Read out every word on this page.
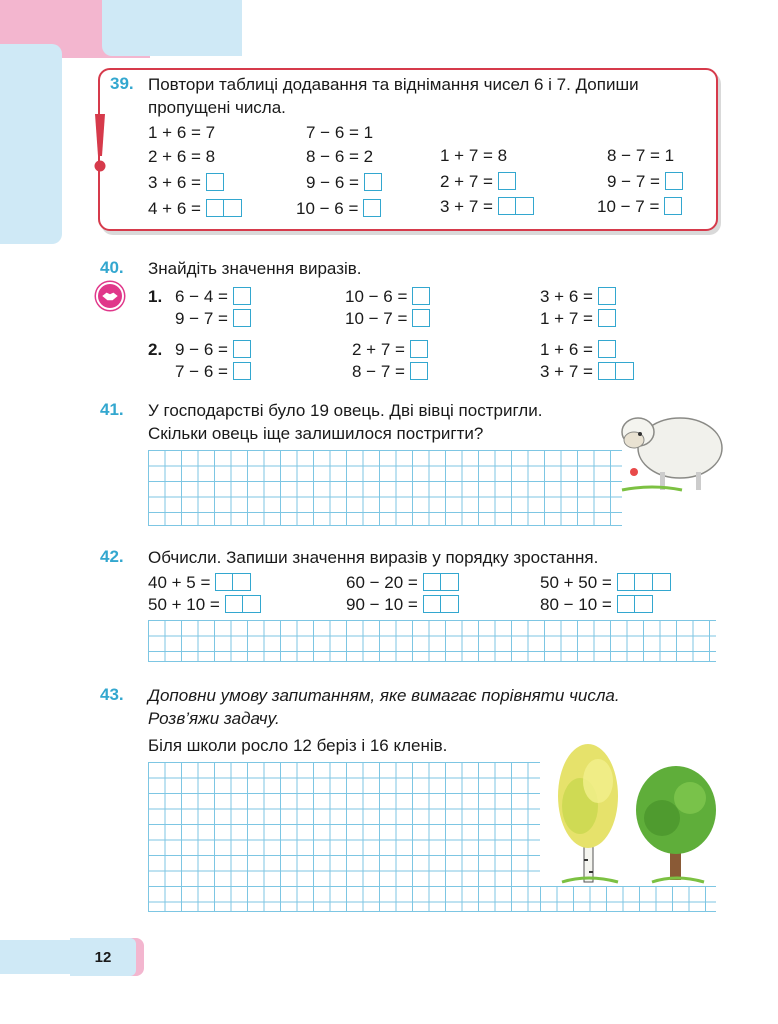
39. Повтори таблиці додавання та віднімання чисел 6 і 7. Допиши
пропущені числа.
1 + 6 = 7
2 + 6 = 8
3 + 6 =
4 + 6 =
7 − 6 = 1
8 − 6 = 2
9 − 6 =
10 − 6 =
1 + 7 = 8
2 + 7 =
3 + 7 =
8 − 7 = 1
9 − 7 =
10 − 7 =
40. Знайдіть значення виразів.
1. 6 − 4 =
9 − 7 =
10 − 6 =
10 − 7 =
3 + 6 =
1 + 7 =
2. 9 − 6 =
7 − 6 =
2 + 7 =
8 − 7 =
1 + 6 =
3 + 7 =
41. У господарстві було 19 овець. Дві вівці постригли.
Скільки овець іще залишилося постригти?
42. Обчисли. Запиши значення виразів у порядку зростання.
40 + 5 =
50 + 10 =
60 − 20 =
90 − 10 =
50 + 50 =
80 − 10 =
43. Доповни умову запитанням, яке вимагає порівняти числа.
Розв’яжи задачу.
Біля школи росло 12 беріз і 16 кленів.
12
